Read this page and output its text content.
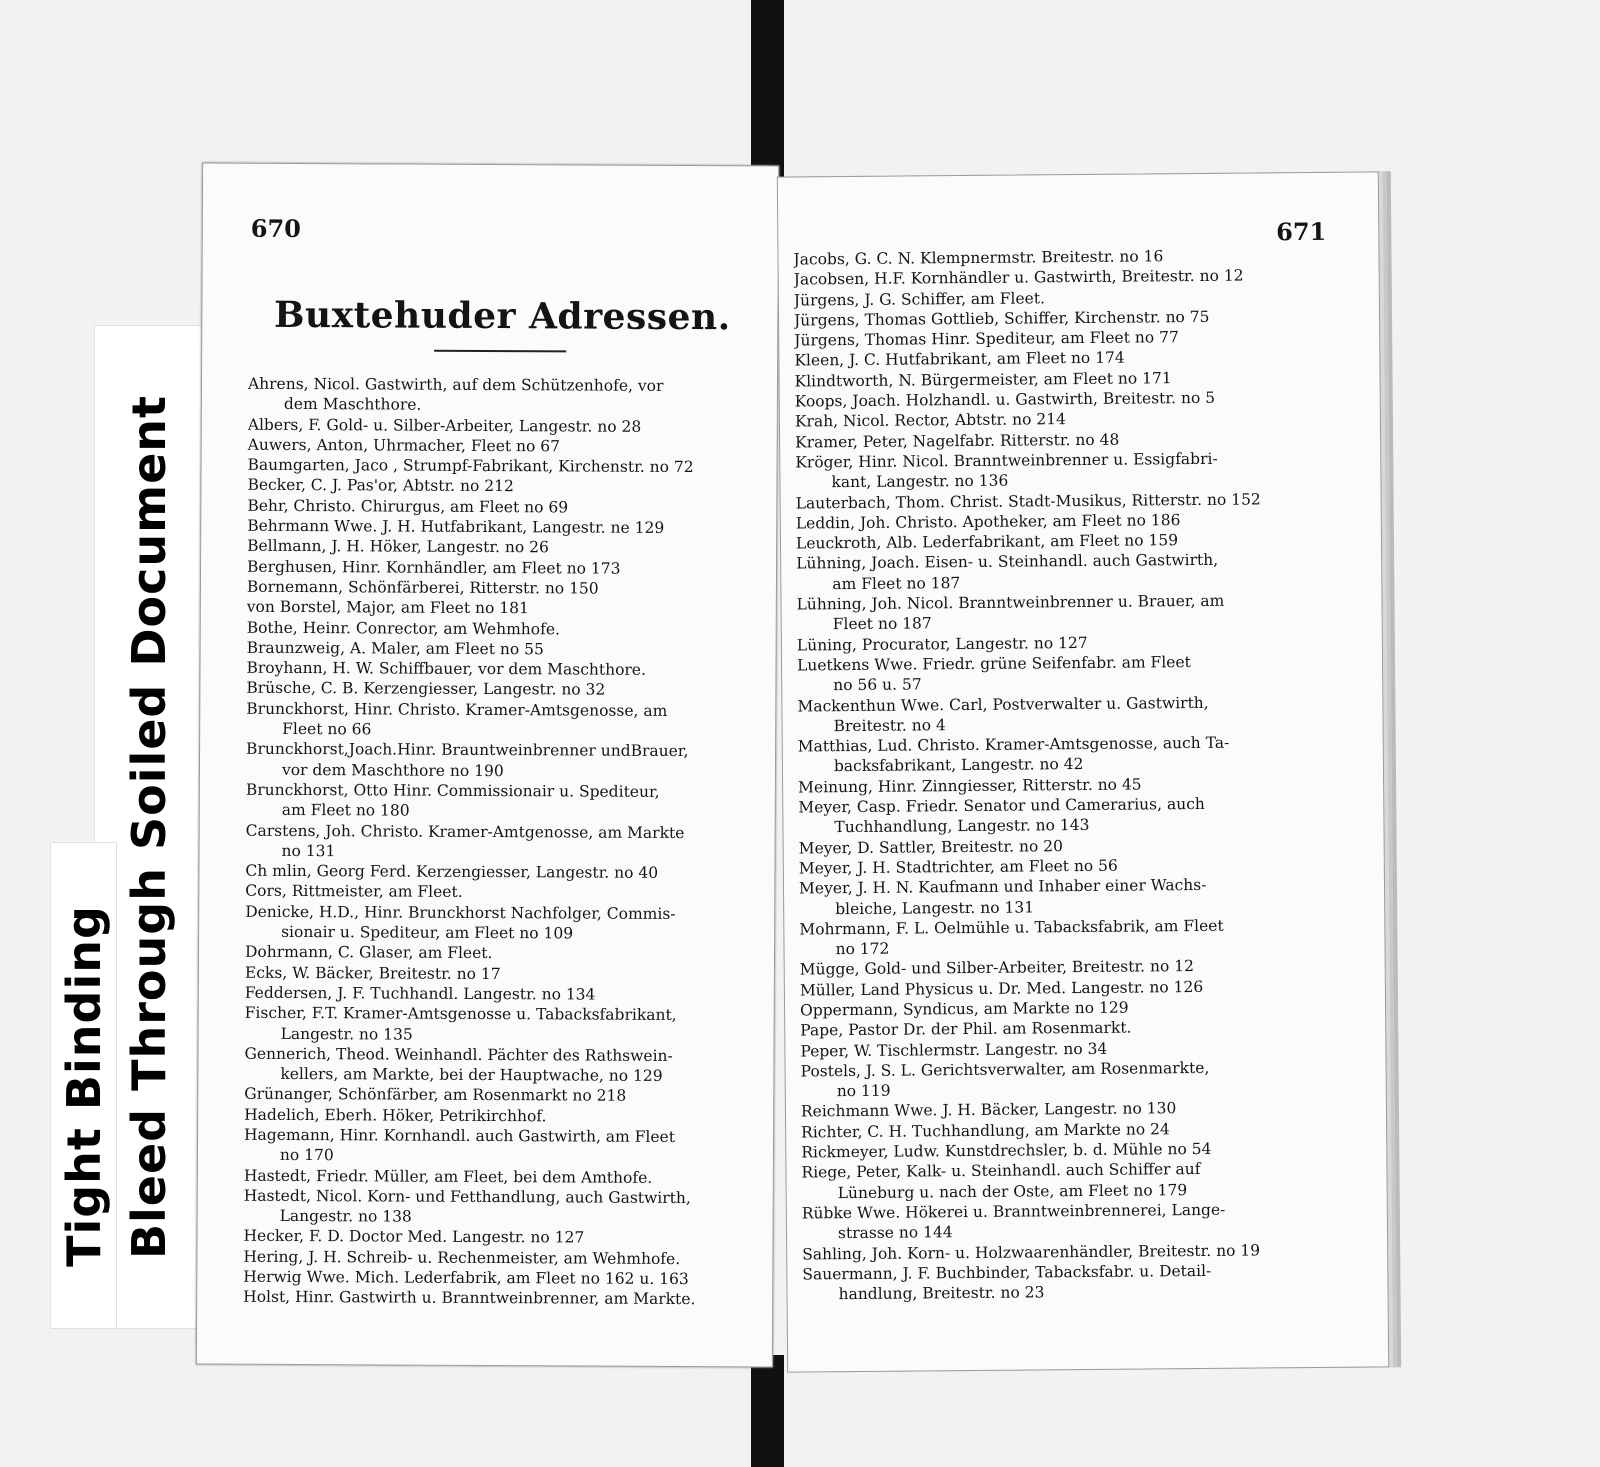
Bleed Through Soiled Document
Tight Binding
670
Buxtehuder Adressen.
Ahrens, Nicol. Gastwirth, auf dem Schützenhofe, vor
dem Maschthore.
Albers, F. Gold- u. Silber-Arbeiter, Langestr. no 28
Auwers, Anton, Uhrmacher, Fleet no 67
Baumgarten, Jaco , Strumpf-Fabrikant, Kirchenstr. no 72
Becker, C. J. Pas'or, Abtstr. no 212
Behr, Christo. Chirurgus, am Fleet no 69
Behrmann Wwe. J. H. Hutfabrikant, Langestr. ne 129
Bellmann, J. H. Höker, Langestr. no 26
Berghusen, Hinr. Kornhändler, am Fleet no 173
Bornemann, Schönfärberei, Ritterstr. no 150
von Borstel, Major, am Fleet no 181
Bothe, Heinr. Conrector, am Wehmhofe.
Braunzweig, A. Maler, am Fleet no 55
Broyhann, H. W. Schiffbauer, vor dem Maschthore.
Brüsche, C. B. Kerzengiesser, Langestr. no 32
Brunckhorst, Hinr. Christo. Kramer-Amtsgenosse, am
Fleet no 66
Brunckhorst,Joach.Hinr. Brauntweinbrenner undBrauer,
vor dem Maschthore no 190
Brunckhorst, Otto Hinr. Commissionair u. Spediteur,
am Fleet no 180
Carstens, Joh. Christo. Kramer-Amtgenosse, am Markte
no 131
Ch mlin, Georg Ferd. Kerzengiesser, Langestr. no 40
Cors, Rittmeister, am Fleet.
Denicke, H.D., Hinr. Brunckhorst Nachfolger, Commis-
sionair u. Spediteur, am Fleet no 109
Dohrmann, C. Glaser, am Fleet.
Ecks, W. Bäcker, Breitestr. no 17
Feddersen, J. F. Tuchhandl. Langestr. no 134
Fischer, F.T. Kramer-Amtsgenosse u. Tabacksfabrikant,
Langestr. no 135
Gennerich, Theod. Weinhandl. Pächter des Rathswein-
kellers, am Markte, bei der Hauptwache, no 129
Grünanger, Schönfärber, am Rosenmarkt no 218
Hadelich, Eberh. Höker, Petrikirchhof.
Hagemann, Hinr. Kornhandl. auch Gastwirth, am Fleet
no 170
Hastedt, Friedr. Müller, am Fleet, bei dem Amthofe.
Hastedt, Nicol. Korn- und Fetthandlung, auch Gastwirth,
Langestr. no 138
Hecker, F. D. Doctor Med. Langestr. no 127
Hering, J. H. Schreib- u. Rechenmeister, am Wehmhofe.
Herwig Wwe. Mich. Lederfabrik, am Fleet no 162 u. 163
Holst, Hinr. Gastwirth u. Branntweinbrenner, am Markte.
671
Jacobs, G. C. N. Klempnermstr. Breitestr. no 16
Jacobsen, H.F. Kornhändler u. Gastwirth, Breitestr. no 12
Jürgens, J. G. Schiffer, am Fleet.
Jürgens, Thomas Gottlieb, Schiffer, Kirchenstr. no 75
Jürgens, Thomas Hinr. Spediteur, am Fleet no 77
Kleen, J. C. Hutfabrikant, am Fleet no 174
Klindtworth, N. Bürgermeister, am Fleet no 171
Koops, Joach. Holzhandl. u. Gastwirth, Breitestr. no 5
Krah, Nicol. Rector, Abtstr. no 214
Kramer, Peter, Nagelfabr. Ritterstr. no 48
Kröger, Hinr. Nicol. Branntweinbrenner u. Essigfabri-
kant, Langestr. no 136
Lauterbach, Thom. Christ. Stadt-Musikus, Ritterstr. no 152
Leddin, Joh. Christo. Apotheker, am Fleet no 186
Leuckroth, Alb. Lederfabrikant, am Fleet no 159
Lühning, Joach. Eisen- u. Steinhandl. auch Gastwirth,
am Fleet no 187
Lühning, Joh. Nicol. Branntweinbrenner u. Brauer, am
Fleet no 187
Lüning, Procurator, Langestr. no 127
Luetkens Wwe. Friedr. grüne Seifenfabr. am Fleet
no 56 u. 57
Mackenthun Wwe. Carl, Postverwalter u. Gastwirth,
Breitestr. no 4
Matthias, Lud. Christo. Kramer-Amtsgenosse, auch Ta-
backsfabrikant, Langestr. no 42
Meinung, Hinr. Zinngiesser, Ritterstr. no 45
Meyer, Casp. Friedr. Senator und Camerarius, auch
Tuchhandlung, Langestr. no 143
Meyer, D. Sattler, Breitestr. no 20
Meyer, J. H. Stadtrichter, am Fleet no 56
Meyer, J. H. N. Kaufmann und Inhaber einer Wachs-
bleiche, Langestr. no 131
Mohrmann, F. L. Oelmühle u. Tabacksfabrik, am Fleet
no 172
Mügge, Gold- und Silber-Arbeiter, Breitestr. no 12
Müller, Land Physicus u. Dr. Med. Langestr. no 126
Oppermann, Syndicus, am Markte no 129
Pape, Pastor Dr. der Phil. am Rosenmarkt.
Peper, W. Tischlermstr. Langestr. no 34
Postels, J. S. L. Gerichtsverwalter, am Rosenmarkte,
no 119
Reichmann Wwe. J. H. Bäcker, Langestr. no 130
Richter, C. H. Tuchhandlung, am Markte no 24
Rickmeyer, Ludw. Kunstdrechsler, b. d. Mühle no 54
Riege, Peter, Kalk- u. Steinhandl. auch Schiffer auf
Lüneburg u. nach der Oste, am Fleet no 179
Rübke Wwe. Hökerei u. Branntweinbrennerei, Lange-
strasse no 144
Sahling, Joh. Korn- u. Holzwaarenhändler, Breitestr. no 19
Sauermann, J. F. Buchbinder, Tabacksfabr. u. Detail-
handlung, Breitestr. no 23
